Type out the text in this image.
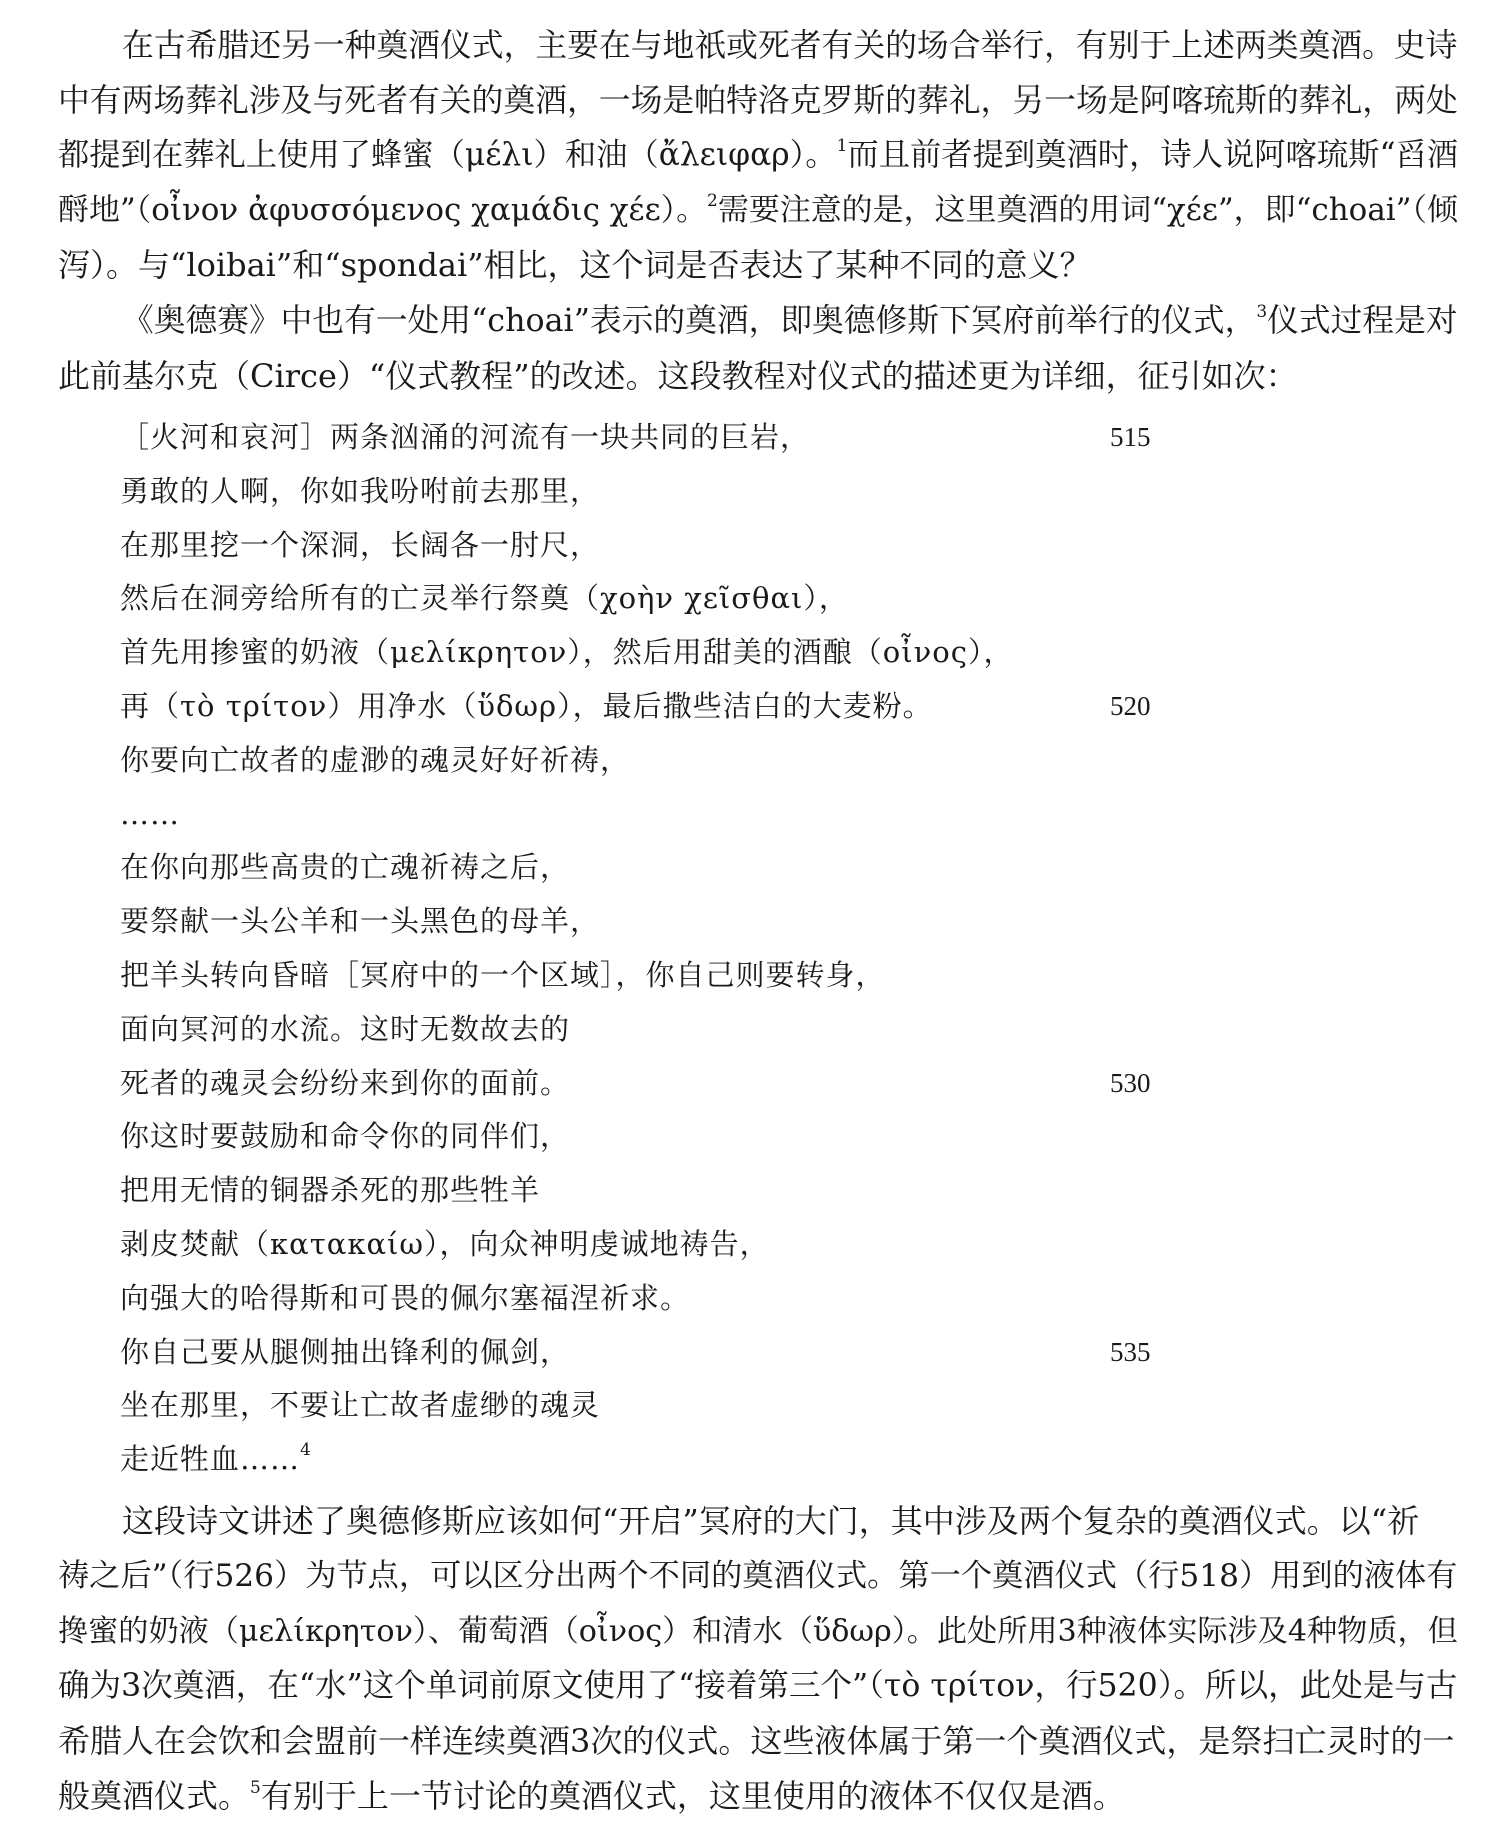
在古希腊还另一种奠酒仪式，主要在与地祇或死者有关的场合举行，有别于上述两类奠酒。史诗
中有两场葬礼涉及与死者有关的奠酒，一场是帕特洛克罗斯的葬礼，另一场是阿喀琉斯的葬礼，两处
都提到在葬礼上使用了蜂蜜（μέλι）和油（ἄλειφαρ）。$^1$而且前者提到奠酒时，诗人说阿喀琉斯“舀酒
酹地”（οἶνον ἀφυσσόμενος χαμάδις χέε）。$^2$需要注意的是，这里奠酒的用词“χέε”，即“choai”（倾
泻）。与“loibai”和“spondai”相比，这个词是否表达了某种不同的意义？

《奥德赛》中也有一处用“choai”表示的奠酒，即奥德修斯下冥府前举行的仪式，$^3$仪式过程是对
此前基尔克（Circe）“仪式教程”的改述。这段教程对仪式的描述更为详细，征引如次：

［火河和哀河］两条汹涌的河流有一块共同的巨岩，	515
勇敢的人啊，你如我吩咐前去那里，
在那里挖一个深洞，长阔各一肘尺，
然后在洞旁给所有的亡灵举行祭奠（χοὴν χεῖσθαι），
首先用掺蜜的奶液（μελίκρητον），然后用甜美的酒酿（οἶνος），
再（τὸ τρίτον）用净水（ὕδωρ），最后撒些洁白的大麦粉。	520
你要向亡故者的虚渺的魂灵好好祈祷，
……
在你向那些高贵的亡魂祈祷之后，
要祭献一头公羊和一头黑色的母羊，
把羊头转向昏暗［冥府中的一个区域］，你自己则要转身，
面向冥河的水流。这时无数故去的
死者的魂灵会纷纷来到你的面前。	530
你这时要鼓励和命令你的同伴们，
把用无情的铜器杀死的那些牲羊
剥皮焚献（κατακαίω），向众神明虔诚地祷告，
向强大的哈得斯和可畏的佩尔塞福涅祈求。
你自己要从腿侧抽出锋利的佩剑，	535
坐在那里，不要让亡故者虚缈的魂灵
走近牲血……$^4$

这段诗文讲述了奥德修斯应该如何“开启”冥府的大门，其中涉及两个复杂的奠酒仪式。以“祈
祷之后”（行526）为节点，可以区分出两个不同的奠酒仪式。第一个奠酒仪式（行518）用到的液体有
搀蜜的奶液（μελίκρητον）、葡萄酒（οἶνος）和清水（ὕδωρ）。此处所用3种液体实际涉及4种物质，但
确为3次奠酒，在“水”这个单词前原文使用了“接着第三个”（τὸ τρίτον，行520）。所以，此处是与古
希腊人在会饮和会盟前一样连续奠酒3次的仪式。这些液体属于第一个奠酒仪式，是祭扫亡灵时的一
般奠酒仪式。$^5$有别于上一节讨论的奠酒仪式，这里使用的液体不仅仅是酒。
